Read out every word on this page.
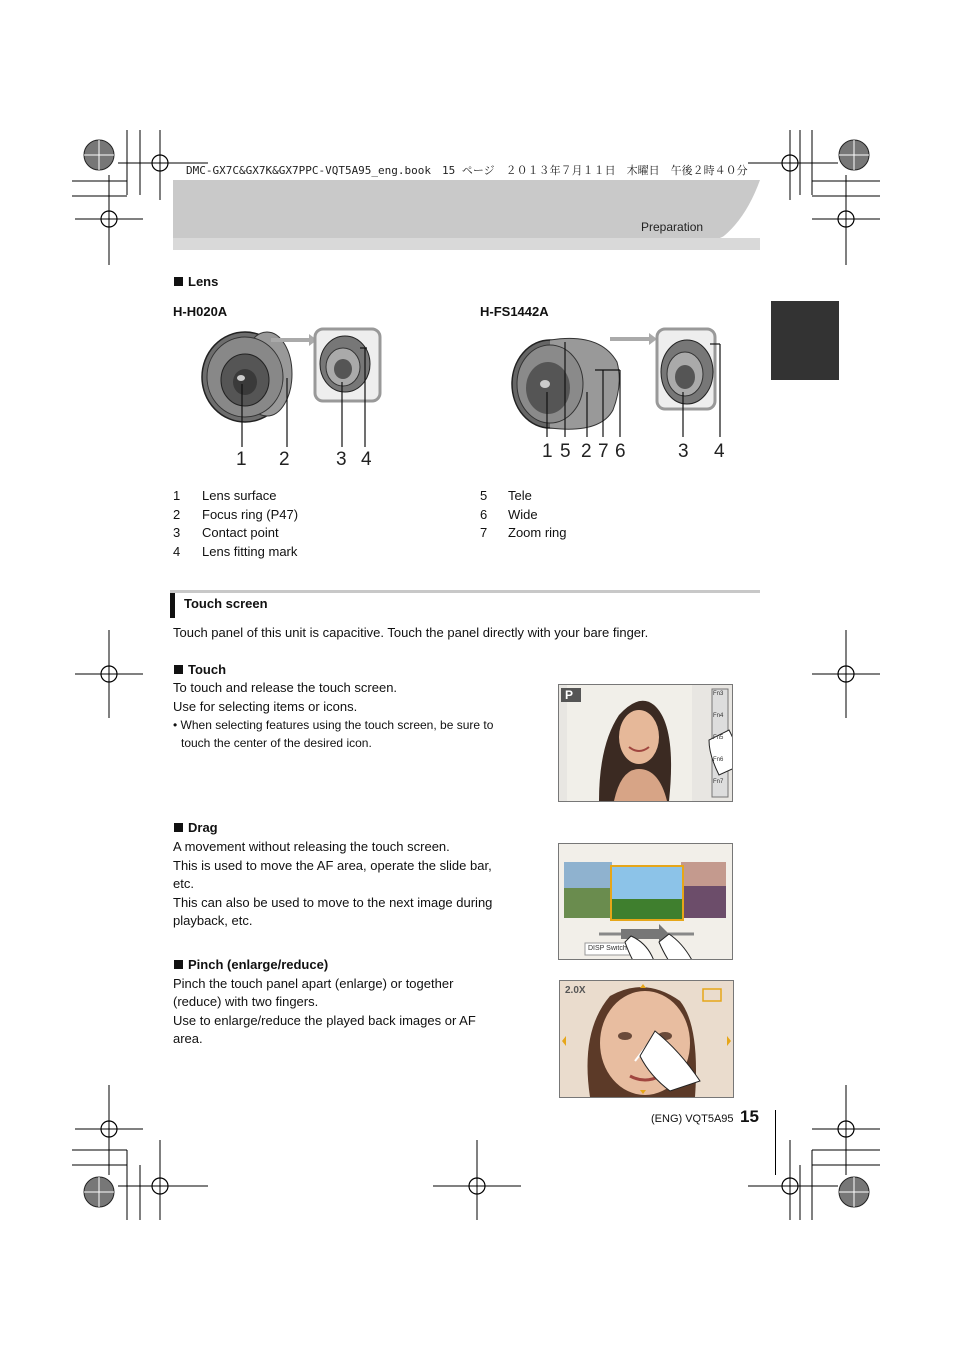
DMC-GX7C&GX7K&GX7PPC-VQT5A95_eng.book　15 ページ　２０１３年７月１１日　木曜日　午後２時４０分
Preparation
Lens
H-H020A	H-FS1442A
1 2 3 4	1 5 2 7 6	3 4
1 Lens surface
2 Focus ring (P47)
3 Contact point
4 Lens fitting mark
5 Tele
6 Wide
7 Zoom ring
Touch screen
Touch panel of this unit is capacitive. Touch the panel directly with your bare finger.
Touch
To touch and release the touch screen.
Use for selecting items or icons.
• When selecting features using the touch screen, be sure to
touch the center of the desired icon.
P	Fn3
Fn4
Fn5
Fn6
Fn7
Drag
A movement without releasing the touch screen.
This is used to move the AF area, operate the slide bar,
etc.
This can also be used to move to the next image during
playback, etc.
DISP Switch
Pinch (enlarge/reduce)
Pinch the touch panel apart (enlarge) or together
(reduce) with two fingers.
Use to enlarge/reduce the played back images or AF
area.
2.0X
(ENG) VQT5A95 15
